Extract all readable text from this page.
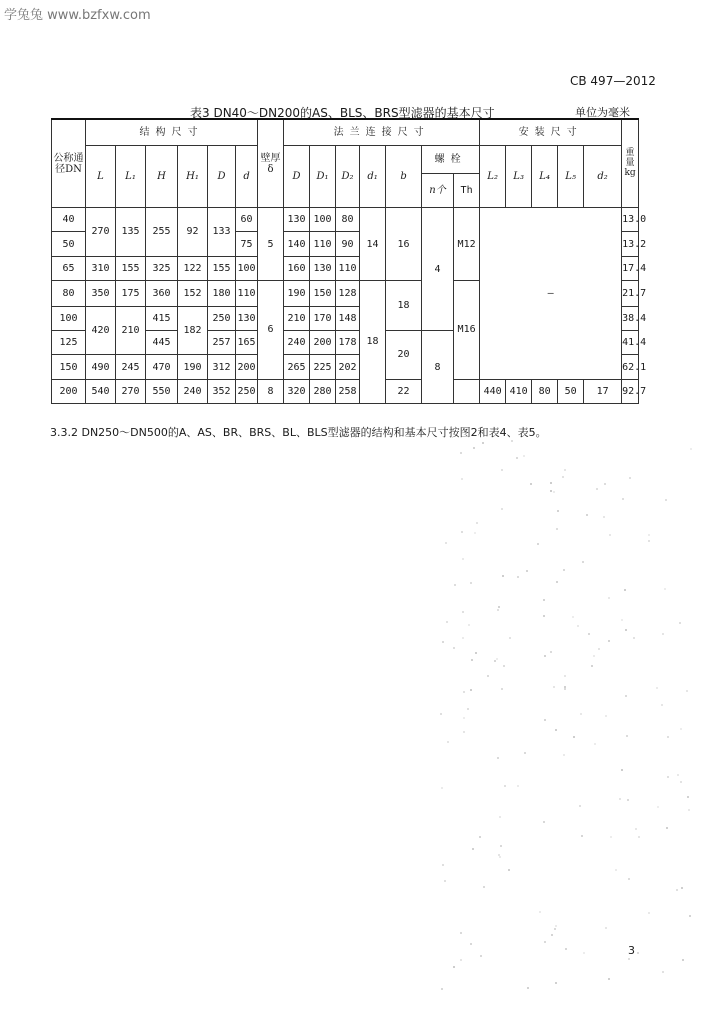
学兔兔 www.bzfxw.com
CB 497—2012
表3 DN40～DN200的AS、BLS、BRS型滤器的基本尺寸	单位为毫米
公称通径DN	结构尺寸						壁厚δ	法兰连接尺寸							安装尺寸					重量kg
	L	L₁	H	H₁	D	d		D	D₁	D₂	d₁	b	螺栓		L₂	L₃	L₄	L₅	d₂	
													n个	Th						
40	270	135	255	92	133	60	5	130	100	80	14	16	4	M12	—					13.0
50						75		140	110	90										13.2
65	310	155	325	122	155	100		160	130	110										17.4
80	350	175	360	152	180	110	6	190	150	128	18	18		M16						21.7
100	420	210	415	182	250	130		210	170	148										38.4
125			445		257	165		240	200	178		20	8							41.4
150	490	245	470	190	312	200		265	225	202										62.1
200	540	270	550	240	352	250	8	320	280	258		22			440	410	80	50	17	92.7
3.3.2 DN250～DN500的A、AS、BR、BRS、BL、BLS型滤器的结构和基本尺寸按图2和表4、表5。
3
